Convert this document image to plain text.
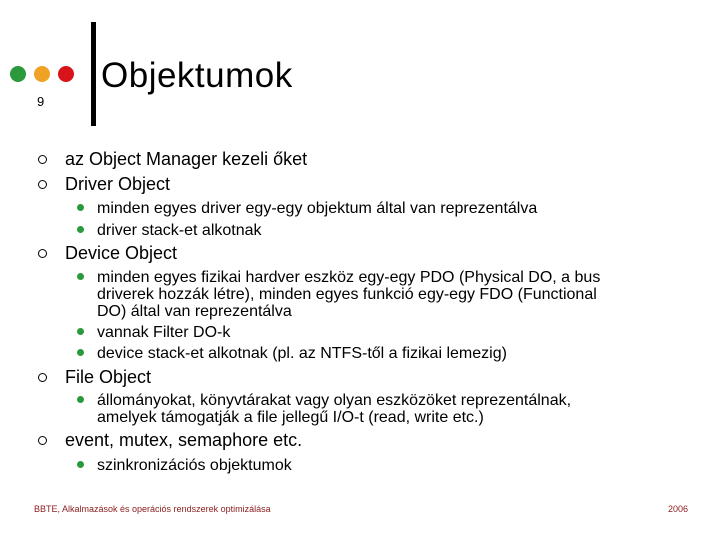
9
Objektumok
az Object Manager kezeli őket
Driver Object
minden egyes driver egy-egy objektum által van reprezentálva
driver stack-et alkotnak
Device Object
minden egyes fizikai hardver eszköz egy-egy PDO (Physical DO, a bus
driverek hozzák létre), minden egyes funkció egy-egy FDO (Functional
DO) által van reprezentálva
vannak Filter DO-k
device stack-et alkotnak (pl. az NTFS-től a fizikai lemezig)
File Object
állományokat, könyvtárakat vagy olyan eszközöket reprezentálnak,
amelyek támogatják a file jellegű I/O-t (read, write etc.)
event, mutex, semaphore etc.
szinkronizációs objektumok
BBTE, Alkalmazások és operációs rendszerek optimizálása	2006
